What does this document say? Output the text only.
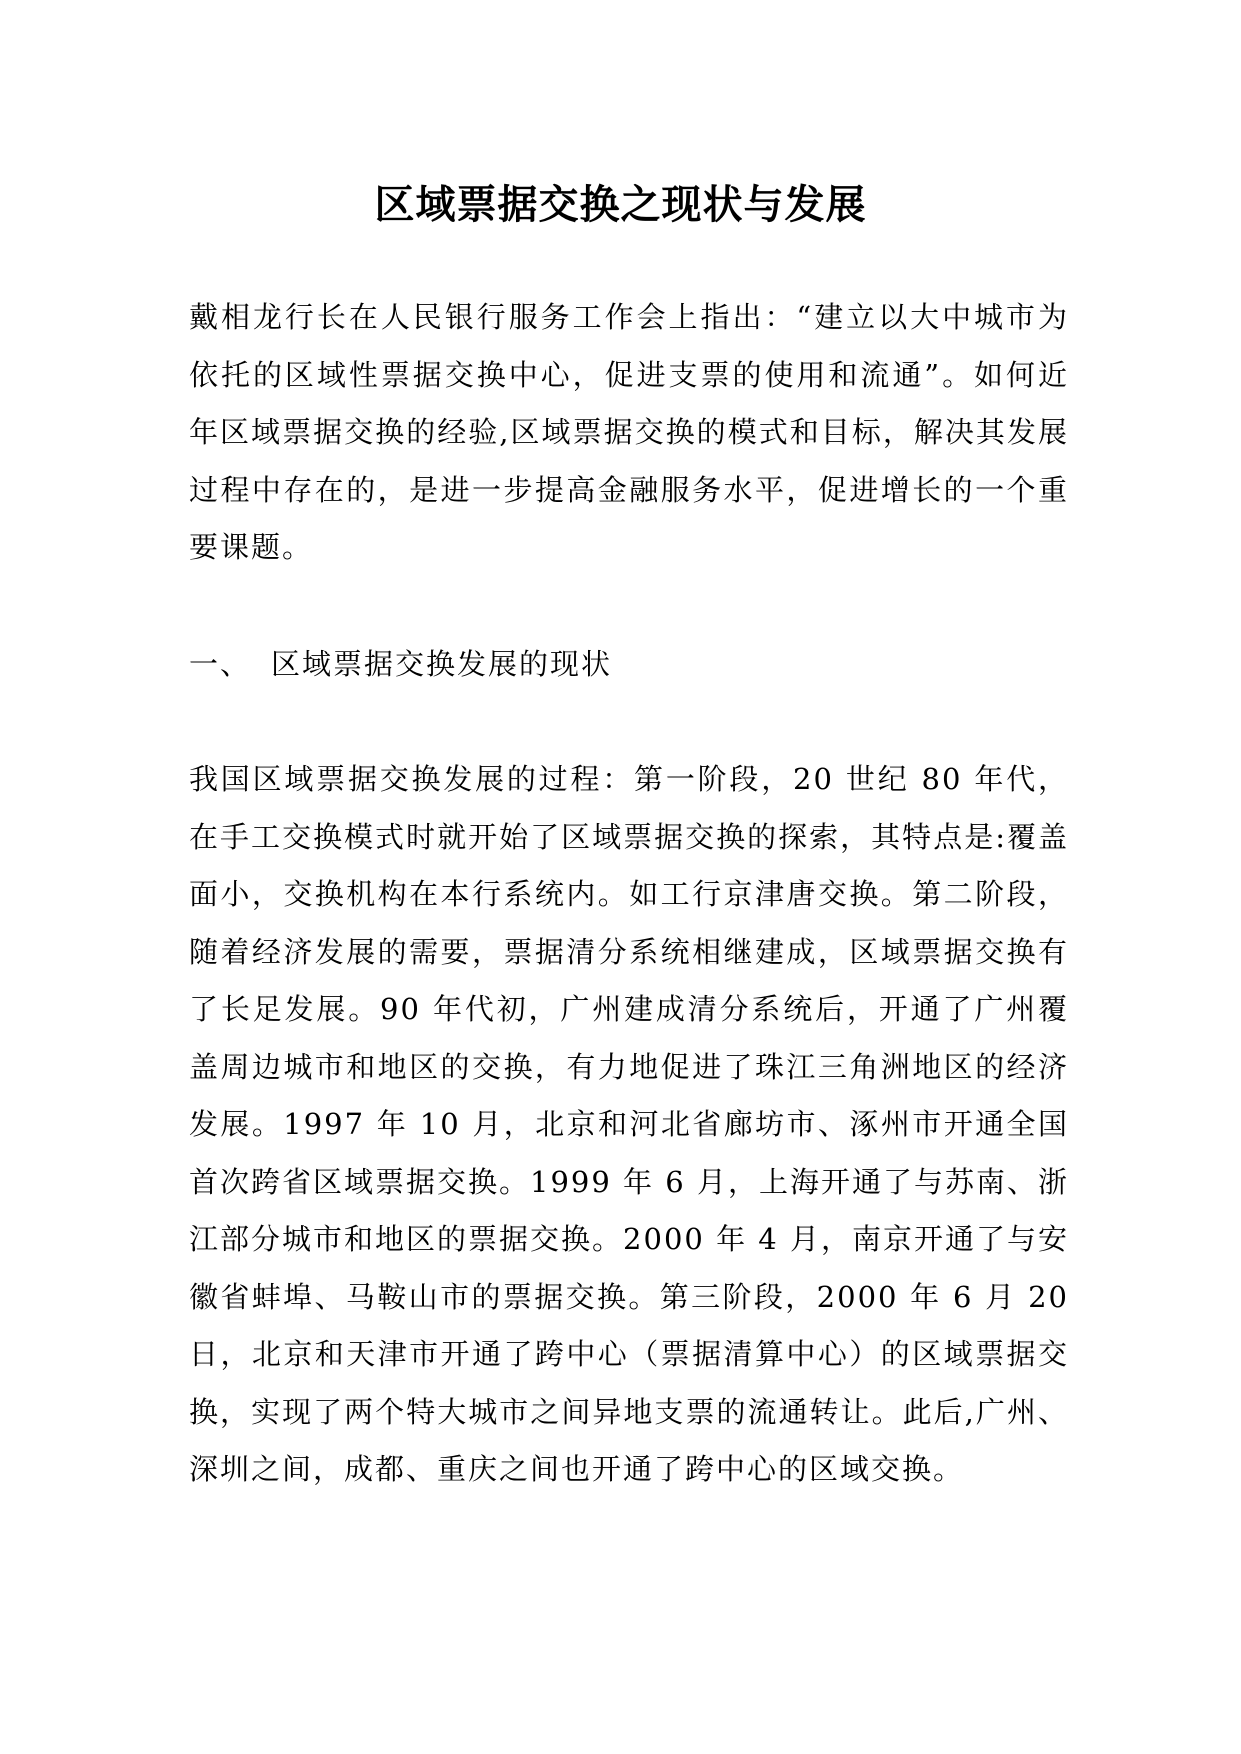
区域票据交换之现状与发展

戴相龙行长在人民银行服务工作会上指出：“建立以大中城市为依托的区域性票据交换中心，促进支票的使用和流通”。如何近年区域票据交换的经验,区域票据交换的模式和目标，解决其发展过程中存在的，是进一步提高金融服务水平，促进增长的一个重要课题。

一、 区域票据交换发展的现状

我国区域票据交换发展的过程：第一阶段，20 世纪 80 年代，在手工交换模式时就开始了区域票据交换的探索，其特点是:覆盖面小，交换机构在本行系统内。如工行京津唐交换。第二阶段，随着经济发展的需要，票据清分系统相继建成，区域票据交换有了长足发展。90 年代初，广州建成清分系统后，开通了广州覆盖周边城市和地区的交换，有力地促进了珠江三角洲地区的经济发展。1997 年 10 月，北京和河北省廊坊市、涿州市开通全国首次跨省区域票据交换。1999 年 6 月，上海开通了与苏南、浙江部分城市和地区的票据交换。2000 年 4 月，南京开通了与安徽省蚌埠、马鞍山市的票据交换。第三阶段，2000 年 6 月 20 日，北京和天津市开通了跨中心（票据清算中心）的区域票据交换，实现了两个特大城市之间异地支票的流通转让。此后,广州、深圳之间，成都、重庆之间也开通了跨中心的区域交换。
